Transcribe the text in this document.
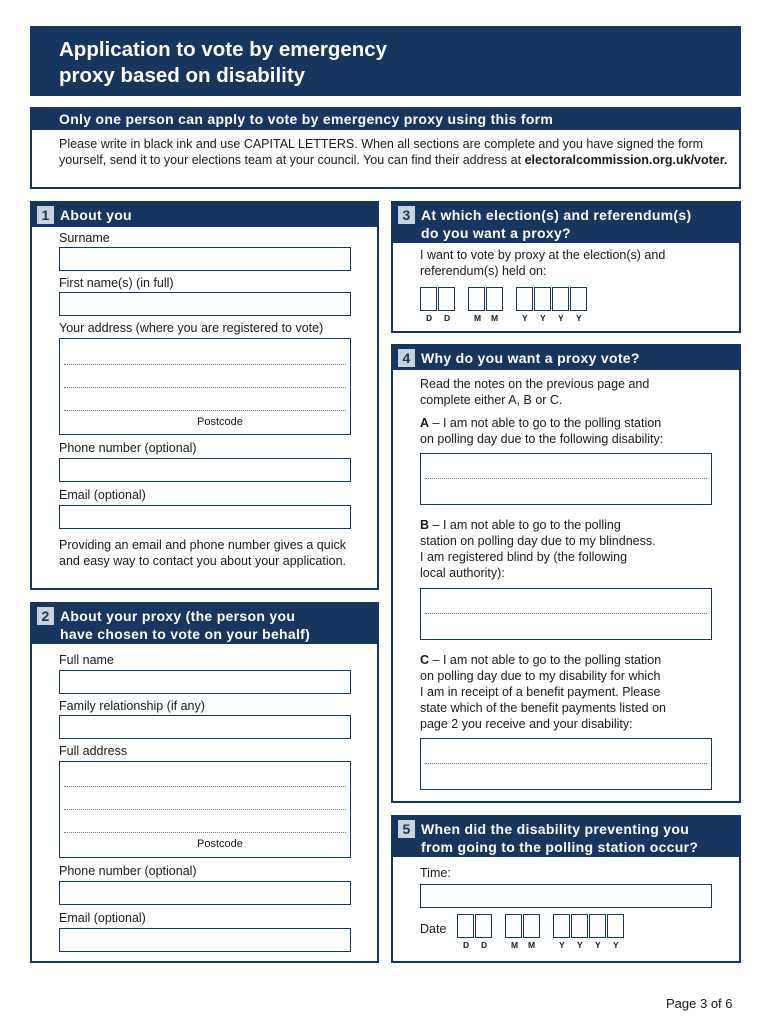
Application to vote by emergency
proxy based on disability
Only one person can apply to vote by emergency proxy using this form
Please write in black ink and use CAPITAL LETTERS. When all sections are complete and you have signed the form yourself, send it to your elections team at your council. You can find their address at electoralcommission.org.uk/voter.
1 About you
Surname
First name(s) (in full)
Your address (where you are registered to vote)
Postcode
Phone number (optional)
Email (optional)
Providing an email and phone number gives a quick and easy way to contact you about your application.
2 About your proxy (the person you
have chosen to vote on your behalf)
Full name
Family relationship (if any)
Full address
Postcode
Phone number (optional)
Email (optional)
3 At which election(s) and referendum(s)
do you want a proxy?
I want to vote by proxy at the election(s) and
referendum(s) held on:
D D	M M	Y Y Y Y
4 Why do you want a proxy vote?
Read the notes on the previous page and
complete either A, B or C.
A – I am not able to go to the polling station
on polling day due to the following disability:
B – I am not able to go to the polling
station on polling day due to my blindness.
I am registered blind by (the following
local authority):
C – I am not able to go to the polling station
on polling day due to my disability for which
I am in receipt of a benefit payment. Please
state which of the benefit payments listed on
page 2 you receive and your disability:
5 When did the disability preventing you
from going to the polling station occur?
Time:
Date
D D	M M	Y Y Y Y
Page 3 of 6
